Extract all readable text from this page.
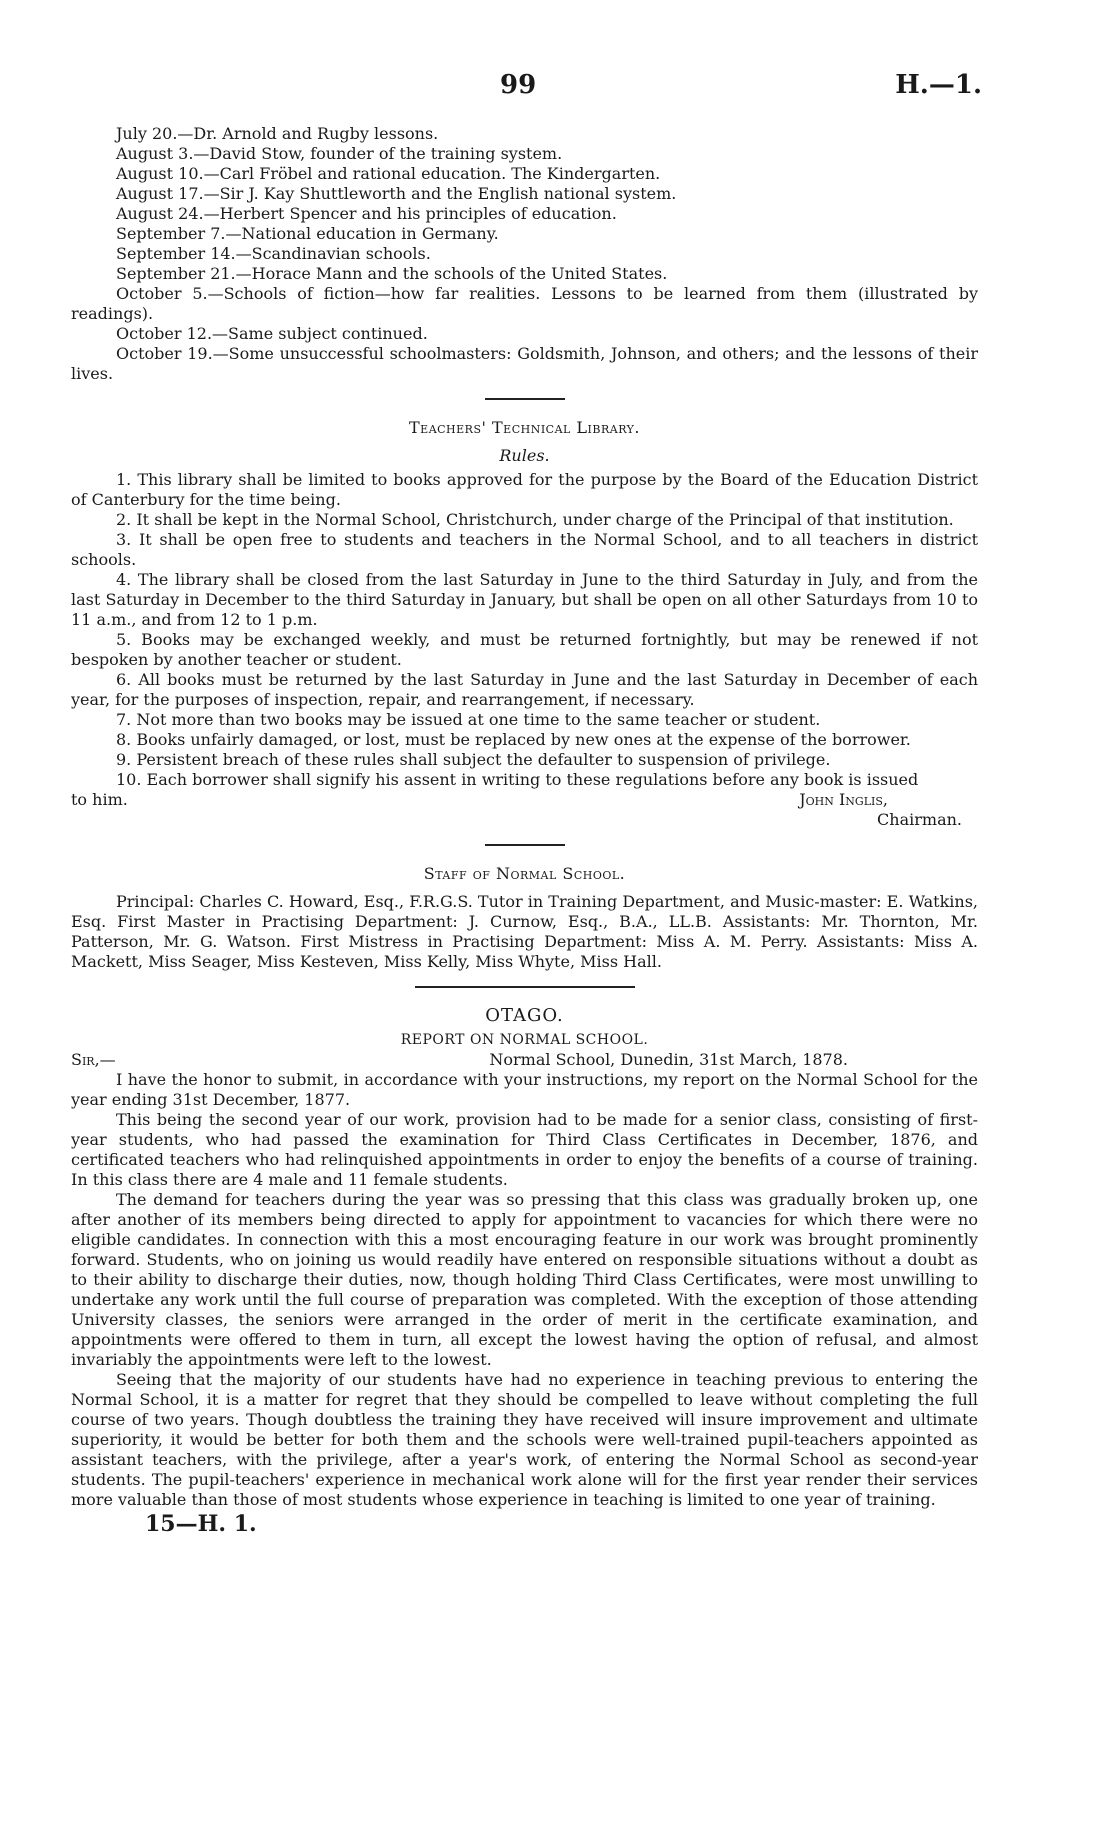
99	H.—1.

July 20.—Dr. Arnold and Rugby lessons.

August 3.—David Stow, founder of the training system.

August 10.—Carl Fröbel and rational education. The Kindergarten.

August 17.—Sir J. Kay Shuttleworth and the English national system.

August 24.—Herbert Spencer and his principles of education.

September 7.—National education in Germany.

September 14.—Scandinavian schools.

September 21.—Horace Mann and the schools of the United States.

October 5.—Schools of fiction—how far realities. Lessons to be learned from them (illustrated by readings).

October 12.—Same subject continued.

October 19.—Some unsuccessful schoolmasters: Goldsmith, Johnson, and others; and the lessons of their lives.

Teachers' Technical Library.
Rules.

1. This library shall be limited to books approved for the purpose by the Board of the Education District of Canterbury for the time being.

2. It shall be kept in the Normal School, Christchurch, under charge of the Principal of that institution.

3. It shall be open free to students and teachers in the Normal School, and to all teachers in district schools.

4. The library shall be closed from the last Saturday in June to the third Saturday in July, and from the last Saturday in December to the third Saturday in January, but shall be open on all other Saturdays from 10 to 11 a.m., and from 12 to 1 p.m.

5. Books may be exchanged weekly, and must be returned fortnightly, but may be renewed if not bespoken by another teacher or student.

6. All books must be returned by the last Saturday in June and the last Saturday in December of each year, for the purposes of inspection, repair, and rearrangement, if necessary.

7. Not more than two books may be issued at one time to the same teacher or student.

8. Books unfairly damaged, or lost, must be replaced by new ones at the expense of the borrower.

9. Persistent breach of these rules shall subject the defaulter to suspension of privilege.

10. Each borrower shall signify his assent in writing to these regulations before any book is issued

to him.	John Inglis,
Chairman.
Staff of Normal School.

Principal: Charles C. Howard, Esq., F.R.G.S. Tutor in Training Department, and Music-master: E. Watkins, Esq. First Master in Practising Department: J. Curnow, Esq., B.A., LL.B. Assistants: Mr. Thornton, Mr. Patterson, Mr. G. Watson. First Mistress in Practising Department: Miss A. M. Perry. Assistants: Miss A. Mackett, Miss Seager, Miss Kesteven, Miss Kelly, Miss Whyte, Miss Hall.

OTAGO.
REPORT ON NORMAL SCHOOL.
Sir,—	Normal School, Dunedin, 31st March, 1878.

I have the honor to submit, in accordance with your instructions, my report on the Normal School for the year ending 31st December, 1877.

This being the second year of our work, provision had to be made for a senior class, consisting of first-year students, who had passed the examination for Third Class Certificates in December, 1876, and certificated teachers who had relinquished appointments in order to enjoy the benefits of a course of training. In this class there are 4 male and 11 female students.

The demand for teachers during the year was so pressing that this class was gradually broken up, one after another of its members being directed to apply for appointment to vacancies for which there were no eligible candidates. In connection with this a most encouraging feature in our work was brought prominently forward. Students, who on joining us would readily have entered on responsible situations without a doubt as to their ability to discharge their duties, now, though holding Third Class Certificates, were most unwilling to undertake any work until the full course of preparation was completed. With the exception of those attending University classes, the seniors were arranged in the order of merit in the certificate examination, and appointments were offered to them in turn, all except the lowest having the option of refusal, and almost invariably the appointments were left to the lowest.

Seeing that the majority of our students have had no experience in teaching previous to entering the Normal School, it is a matter for regret that they should be compelled to leave without completing the full course of two years. Though doubtless the training they have received will insure improvement and ultimate superiority, it would be better for both them and the schools were well-trained pupil-teachers appointed as assistant teachers, with the privilege, after a year's work, of entering the Normal School as second-year students. The pupil-teachers' experience in mechanical work alone will for the first year render their services more valuable than those of most students whose experience in teaching is limited to one year of training.

15—H. 1.
